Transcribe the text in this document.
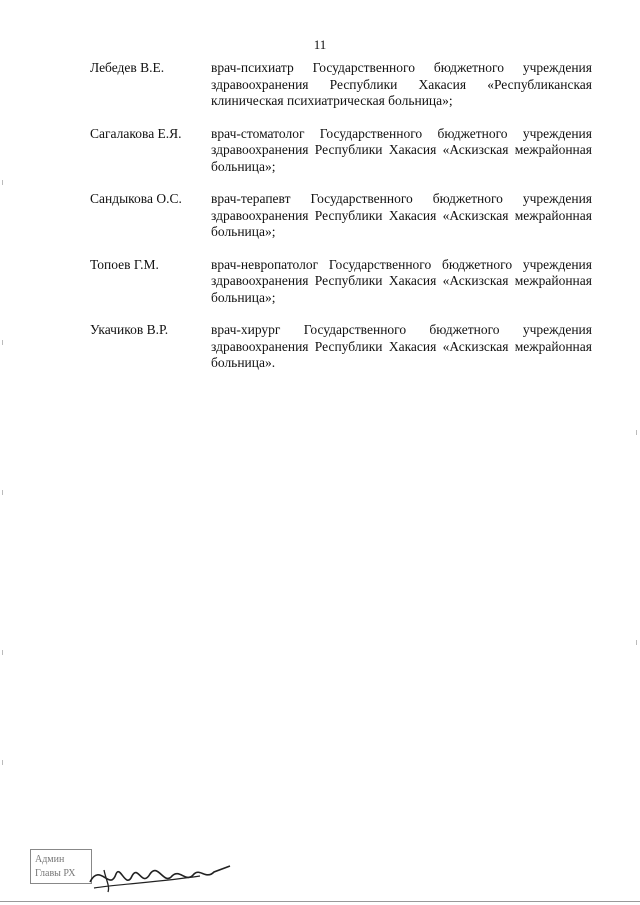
11
Лебедев В.Е.	врач-психиатр Государственного бюджетного учреждения здравоохранения Республики Хакасия «Республиканская клиническая психиатрическая больница»;
Сагалакова Е.Я.	врач-стоматолог Государственного бюджетного учреждения здравоохранения Республики Хакасия «Аскизская межрайонная больница»;
Сандыкова О.С.	врач-терапевт Государственного бюджетного учреждения здравоохранения Республики Хакасия «Аскизская межрайонная больница»;
Топоев Г.М.	врач-невропатолог Государственного бюджетного учреждения здравоохранения Республики Хакасия «Аскизская межрайонная больница»;
Укачиков В.Р.	врач-хирург Государственного бюджетного учреждения здравоохранения Республики Хакасия «Аскизская межрайонная больница».
Админ
Главы РХ
